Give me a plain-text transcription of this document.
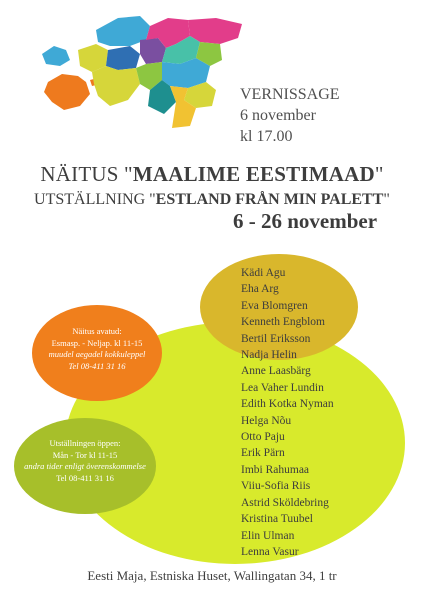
VERNISSAGE
6 november
kl 17.00
NÄITUS "MAALIME EESTIMAAD"
UTSTÄLLNING "ESTLAND FRÅN MIN PALETT"
6 - 26 november
Näitus avatud:
Esmasp. - Neljap. kl 11-15
muudel aegadel kokkuleppel
Tel 08-411 31 16
Utställningen öppen:
Mån - Tor kl 11-15
andra tider enligt överenskommelse
Tel 08-411 31 16
Kädi Agu
Eha Arg
Eva Blomgren
Kenneth Engblom
Bertil Eriksson
Nadja Helin
Anne Laasbärg
Lea Vaher Lundin
Edith Kotka Nyman
Helga Nõu
Otto Paju
Erik Pärn
Imbi Rahumaa
Viiu-Sofia Riis
Astrid Sköldebring
Kristina Tuubel
Elin Ulman
Lenna Vasur
Eesti Maja, Estniska Huset, Wallingatan 34, 1 tr
